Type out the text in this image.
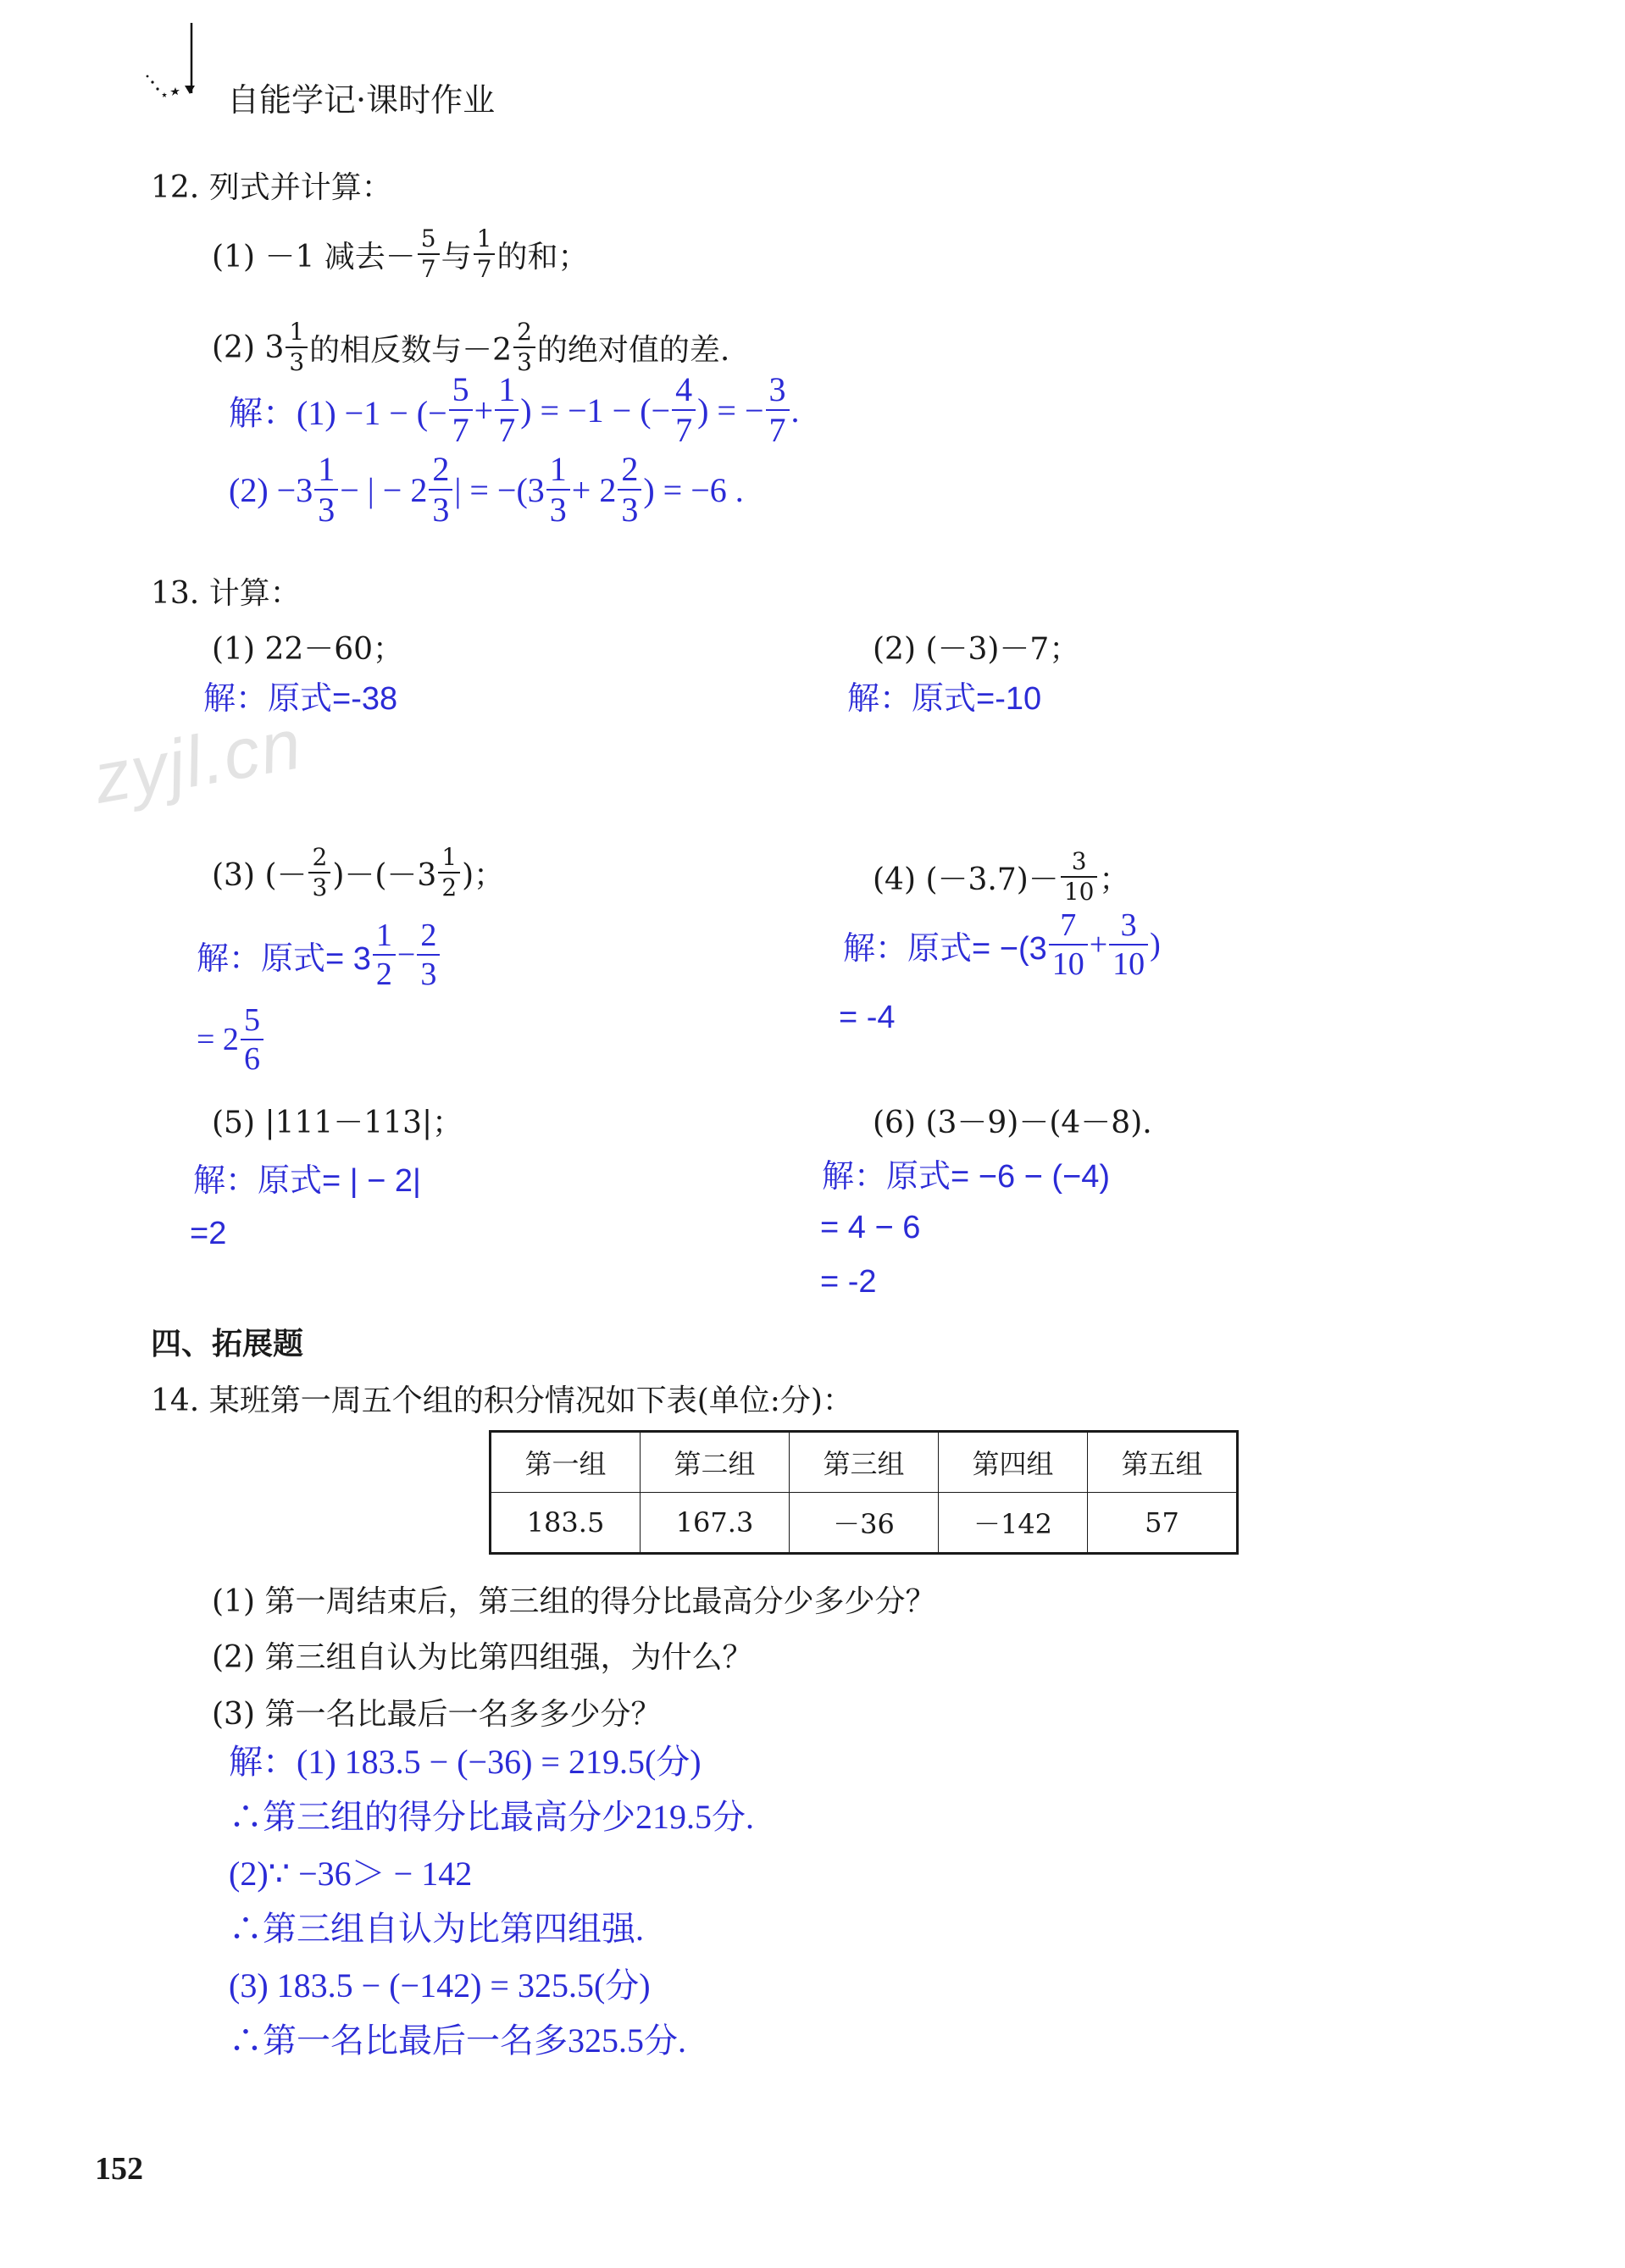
自能学记·课时作业
12. 列式并计算：
(1) －1 减去－ $\frac{5}{7}$ 与 $\frac{1}{7}$ 的和；
(2) $3 \frac{1}{3}$ 的相反数与$-2 \frac{2}{3}$ 的绝对值的差.
解：(1) −1 − (− $\frac{5}{7} + \frac{1}{7}$ ) = −1 − (− $\frac{4}{7}$ ) = − $\frac{3}{7}$ .
$(2) -3 \frac{1}{3}$ − | − $2 \frac{2}{3}$ | = $-(3 \frac{1}{3} + 2 \frac{2}{3}$ ) = −6 .
13. 计算：
(1) 22－60；
解：原式=-38
(2) (－3)－7；
解：原式=-10
zyjl.cn
(3) (－ $\frac{2}{3} )-(-3 \frac{1}{2}$ )；	(4) $(-3.7)- \frac{3}{10}$ ；
解：原式= $3 \frac{1}{2} - \frac{2}{3}$
= $2 \frac{5}{6}$
解：原式= $-(3 \frac{7}{10} + \frac{3}{10}$ )
= -4
(5) |111－113|；
解：原式= | − 2|
=2
(6) (3－9)－(4－8).
解：原式= −6 − (−4)
= 4 − 6
= -2
四、拓展题
14. 某班第一周五个组的积分情况如下表(单位:分)：
第一组	第二组	第三组	第四组	第五组
183.5	167.3	－36	－142	57
(1) 第一周结束后，第三组的得分比最高分少多少分？
(2) 第三组自认为比第四组强，为什么？
(3) 第一名比最后一名多多少分？
解：(1) 183.5 − (−36) = 219.5(分)
∴第三组的得分比最高分少219.5分.
(2)∵ −36＞ − 142
∴第三组自认为比第四组强.
(3) 183.5 − (−142) = 325.5(分)
∴第一名比最后一名多325.5分.
152
